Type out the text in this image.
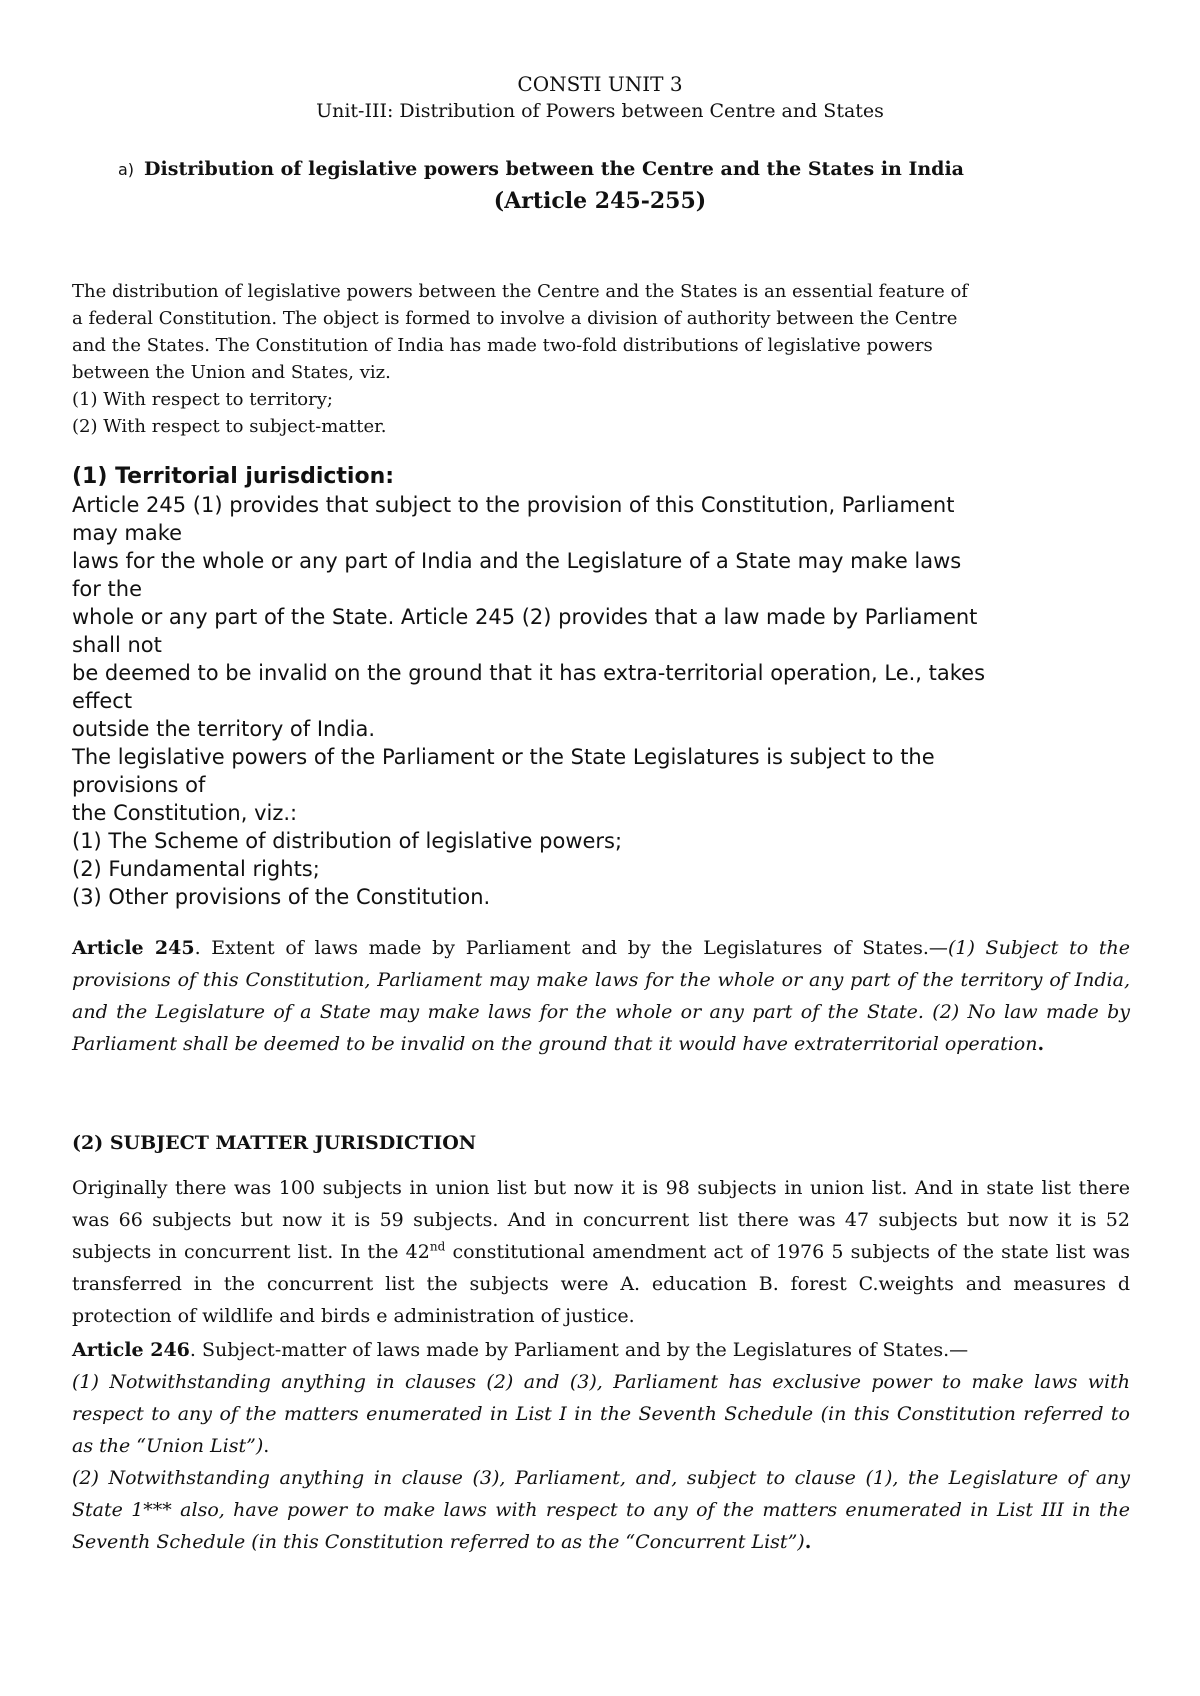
CONSTI UNIT 3
Unit-III: Distribution of Powers between Centre and States
a) Distribution of legislative powers between the Centre and the States in India
(Article 245-255)
The distribution of legislative powers between the Centre and the States is an essential feature of
a federal Constitution. The object is formed to involve a division of authority between the Centre
and the States. The Constitution of India has made two-fold distributions of legislative powers
between the Union and States, viz.
(1) With respect to territory;
(2) With respect to subject-matter.
(1) Territorial jurisdiction:
Article 245 (1) provides that subject to the provision of this Constitution, Parliament
may make
laws for the whole or any part of India and the Legislature of a State may make laws
for the
whole or any part of the State. Article 245 (2) provides that a law made by Parliament
shall not
be deemed to be invalid on the ground that it has extra-territorial operation, Le., takes
effect
outside the territory of India.
The legislative powers of the Parliament or the State Legislatures is subject to the
provisions of
the Constitution, viz.:
(1) The Scheme of distribution of legislative powers;
(2) Fundamental rights;
(3) Other provisions of the Constitution.

Article 245. Extent of laws made by Parliament and by the Legislatures of States.—(1) Subject to the provisions of this Constitution, Parliament may make laws for the whole or any part of the territory of India, and the Legislature of a State may make laws for the whole or any part of the State. (2) No law made by Parliament shall be deemed to be invalid on the ground that it would have extraterritorial operation.

(2) SUBJECT MATTER JURISDICTION

Originally there was 100 subjects in union list but now it is 98 subjects in union list. And in state list there was 66 subjects but now it is 59 subjects. And in concurrent list there was 47 subjects but now it is 52 subjects in concurrent list. In the 42nd constitutional amendment act of 1976 5 subjects of the state list was transferred in the concurrent list the subjects were A. education B. forest C.weights and measures d protection of wildlife and birds e administration of justice.

Article 246. Subject-matter of laws made by Parliament and by the Legislatures of States.—

(1) Notwithstanding anything in clauses (2) and (3), Parliament has exclusive power to make laws with respect to any of the matters enumerated in List I in the Seventh Schedule (in this Constitution referred to as the “Union List”).

(2) Notwithstanding anything in clause (3), Parliament, and, subject to clause (1), the Legislature of any State 1*** also, have power to make laws with respect to any of the matters enumerated in List III in the Seventh Schedule (in this Constitution referred to as the “Concurrent List”).
